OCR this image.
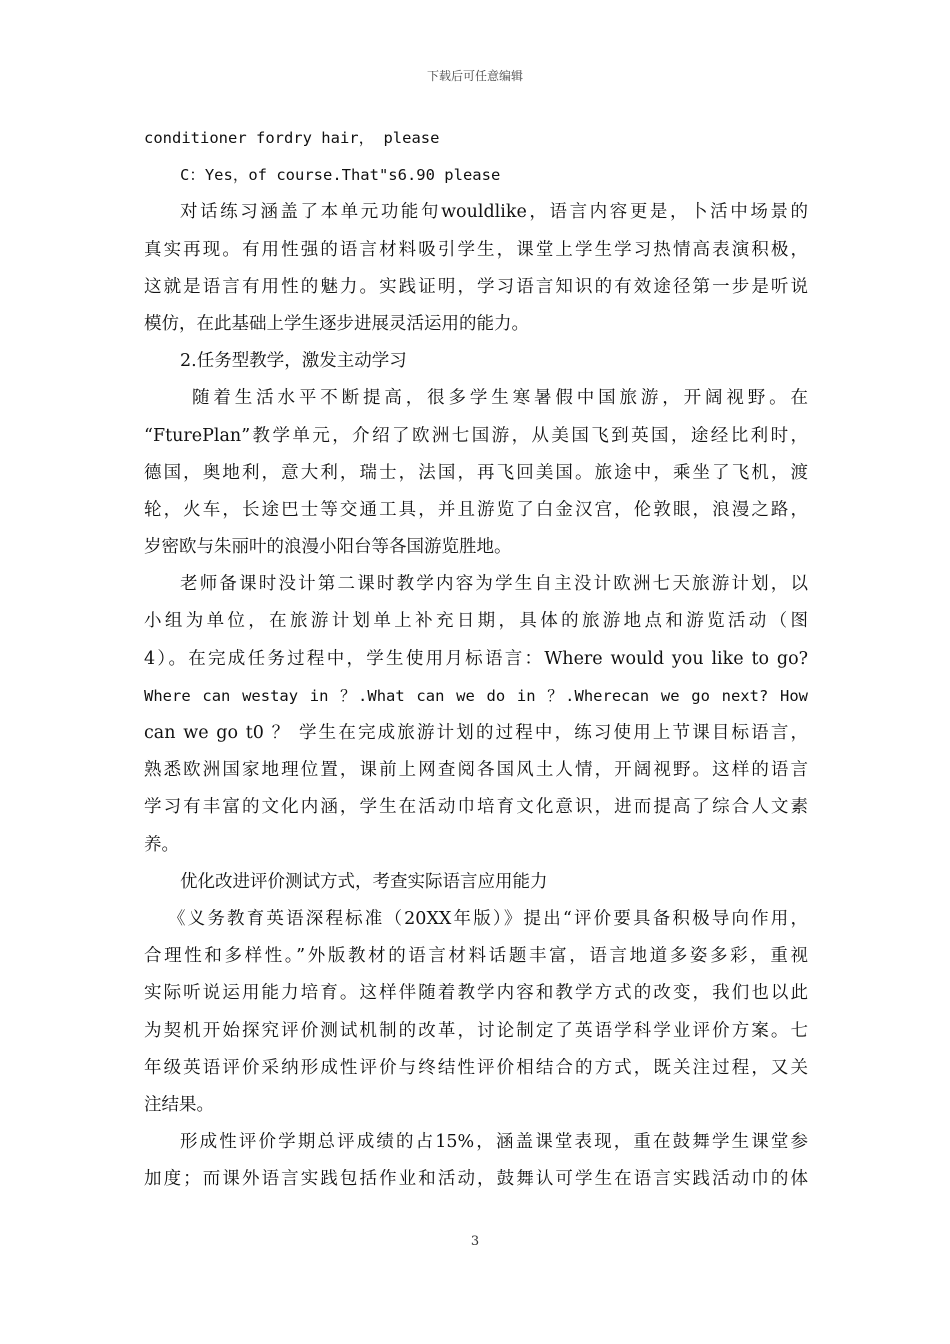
下载后可任意编辑
conditioner fordry hair， please
C：Yes，of course.That"s6.90 please
对话练习涵盖了本单元功能句wouldlike，语言内容更是，卜活中场景的
真实再现。有用性强的语言材料吸引学生，课堂上学生学习热情高表演积极，
这就是语言有用性的魅力。实践证明，学习语言知识的有效途径第一步是听说
模仿，在此基础上学生逐步进展灵活运用的能力。
2.任务型教学，激发主动学习
随着生活水平不断提高，很多学生寒暑假中国旅游，开阔视野。在
“FturePlan”教学单元，介绍了欧洲七国游，从美国飞到英国，途经比利时，
德国，奥地利，意大利，瑞士，法国，再飞回美国。旅途中，乘坐了飞机，渡
轮，火车，长途巴士等交通工具，并且游览了白金汉宫，伦敦眼，浪漫之路，
岁密欧与朱丽叶的浪漫小阳台等各国游览胜地。
老师备课时没计第二课时教学内容为学生自主没计欧洲七天旅游计划，以
小组为单位，在旅游计划单上补充日期，具体的旅游地点和游览活动（图
4）。在完成任务过程中，学生使用月标语言：Where would you like to go?
Where can westay in ？.What can we do in ？.Wherecan we go next? How
can we go t0 ？ 学生在完成旅游计划的过程中，练习使用上节课目标语言，
熟悉欧洲国家地理位置，课前上网查阅各国风土人情，开阔视野。这样的语言
学习有丰富的文化内涵，学生在活动巾培育文化意识，进而提高了综合人文素
养。
优化改进评价测试方式，考查实际语言应用能力
《义务教育英语深程标准（20XX年版）》提出“评价要具备积极导向作用，
合理性和多样性。”外版教材的语言材料话题丰富，语言地道多姿多彩，重视
实际听说运用能力培育。这样伴随着教学内容和教学方式的改变，我们也以此
为契机开始探究评价测试机制的改革，讨论制定了英语学科学业评价方案。七
年级英语评价采纳形成性评价与终结性评价相结合的方式，既关注过程，又关
注结果。
形成性评价学期总评成绩的占15%，涵盖课堂表现，重在鼓舞学生课堂参
加度；而课外语言实践包括作业和活动，鼓舞认可学生在语言实践活动巾的体
3
